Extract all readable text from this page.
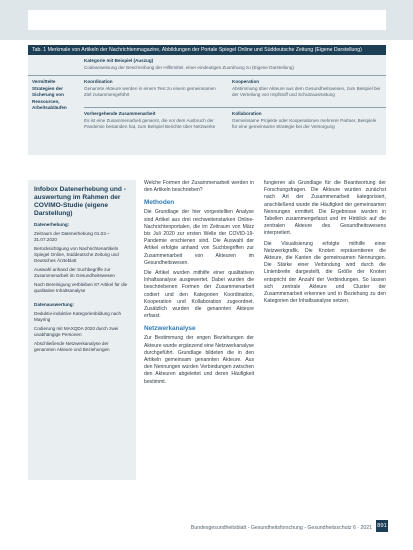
Tab. 1 Merkmale von Artikeln der Nachrichtenmagazine, Abbildungen der Portale Spiegel Online und Süddeutsche Zeitung (Eigene Darstellung)
Kategorie mit Beispiel (Auszug)
Codeanweisung der Beschreibung der Hilfsmittel, einer eindeutigen Zuordnung zu (Eigene Darstellung)
Vermittelte Strategien der Sicherung von Ressourcen, Arbeitsabläufen
Koordination
Genannte Akteure werden in einem Text zu einem gemeinsamen Ziel zusammengeführt
Kooperation
Abstimmung über Akteure aus dem Gesundheitswesen, zum Beispiel bei der Verteilung von Impfstoff und Schutzausrüstung
Vorhergehende Zusammenarbeit
Es ist eine Zusammenarbeit genannt, die vor dem Ausbruch der Pandemie bestanden hat, zum Beispiel Berichte über Netzwerke
Kollaboration
Gemeinsame Projekte oder Kooperationen mehrerer Partner, Beispiele für eine gemeinsame Strategie bei der Versorgung
Infobox Datenerhebung und -auswertung im Rahmen der COVIMO-Studie (eigene Darstellung)

Datenerhebung:

Zeitraum der Datenerhebung 01.03.–31.07.2020

Berücksichtigung von Nachrichtenartikeln Spiegel Online, Süddeutsche Zeitung und Deutsches Ärzteblatt

Auswahl anhand der Suchbegriffe zur Zusammenarbeit im Gesundheitswesen

Nach Bereinigung verbleiben 87 Artikel für die qualitative Inhaltsanalyse

Datenauswertung:

Deduktiv-induktive Kategorienbildung nach Mayring

Codierung mit MAXQDA 2020 durch zwei unabhängige Personen

Abschließende Netzwerkanalyse der genannten Akteure und Beziehungen

Welche Formen der Zusammenarbeit werden in den Artikeln beschrieben?

Methoden

Die Grundlage der hier vorgestellten Analyse sind Artikel aus drei reichweitenstarken Online-Nachrichtenportalen, die im Zeitraum von März bis Juli 2020 zur ersten Welle der COVID-19-Pandemie erschienen sind. Die Auswahl der Artikel erfolgte anhand von Suchbegriffen zur Zusammenarbeit von Akteuren im Gesundheitswesen.

Die Artikel wurden mithilfe einer qualitativen Inhaltsanalyse ausgewertet. Dabei wurden die beschriebenen Formen der Zusammenarbeit codiert und den Kategorien Koordination, Kooperation und Kollaboration zugeordnet. Zusätzlich wurden die genannten Akteure erfasst.

Netzwerkanalyse

Zur Bestimmung der engen Beziehungen der Akteure wurde ergänzend eine Netzwerkanalyse durchgeführt. Grundlage bildeten die in den Artikeln gemeinsam genannten Akteure. Aus den Nennungen wurden Verbindungen zwischen den Akteuren abgeleitet und deren Häufigkeit bestimmt.

fungieren als Grundlage für die Beantwortung der Forschungsfragen. Die Akteure wurden zunächst nach Art der Zusammenarbeit kategorisiert, anschließend wurde die Häufigkeit der gemeinsamen Nennungen ermittelt. Die Ergebnisse wurden in Tabellen zusammengefasst und im Hinblick auf die zentralen Akteure des Gesundheitswesens interpretiert.

Die Visualisierung erfolgte mithilfe einer Netzwerkgrafik. Die Knoten repräsentieren die Akteure, die Kanten die gemeinsamen Nennungen. Die Stärke einer Verbindung wird durch die Linienbreite dargestellt, die Größe der Knoten entspricht der Anzahl der Verbindungen. So lassen sich zentrale Akteure und Cluster der Zusammenarbeit erkennen und in Beziehung zu den Kategorien der Inhaltsanalyse setzen.

Bundesgesundheitsblatt - Gesundheitsforschung - Gesundheitsschutz 6 · 2021 891
